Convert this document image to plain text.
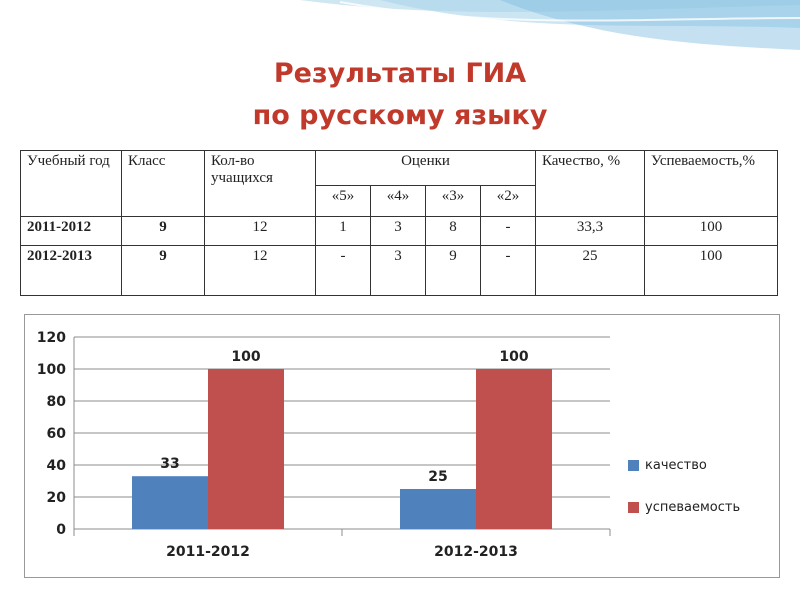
Результаты ГИА
по русскому языку
Учебный год	Класс	Кол-во учащихся	Оценки				Качество, %	Успеваемость,%
			«5»	«4»	«3»	«2»		
2011-2012	9	12	1	3	8	-	33,3	100
2012-2013	9	12	-	3	9	-	25	100
0
20
40
60
80
100
120
33
100
2011-2012
25
100
2012-2013
качество
успеваемость
